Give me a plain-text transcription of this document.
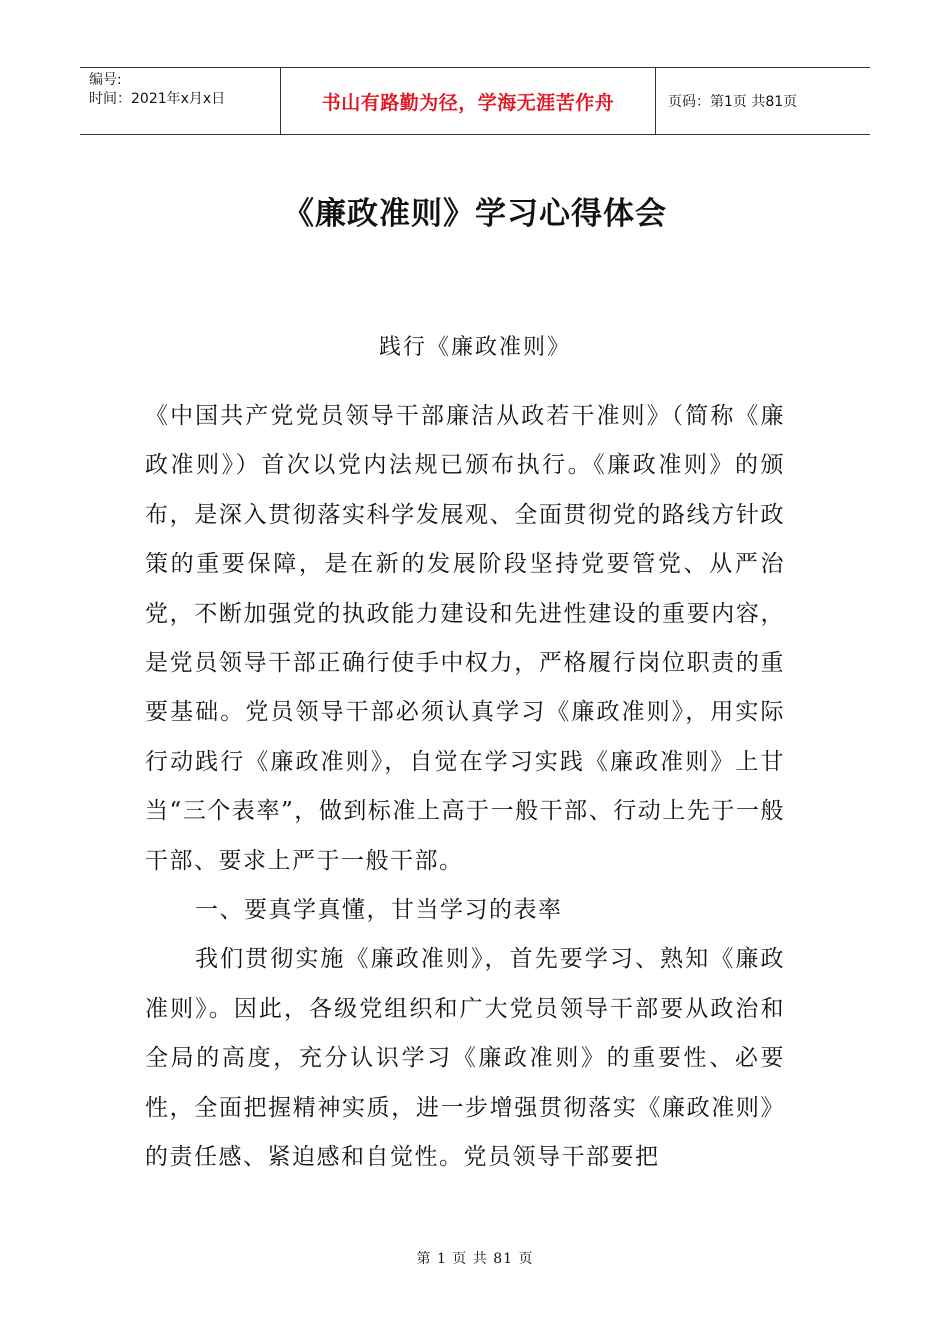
编号:
时间：2021年x月x日	书山有路勤为径，学海无涯苦作舟	页码：第1页 共81页
《廉政准则》学习心得体会
践行《廉政准则》

《中国共产党党员领导干部廉洁从政若干准则》（简称《廉政准则》）首次以党内法规已颁布执行。《廉政准则》的颁布，是深入贯彻落实科学发展观、全面贯彻党的路线方针政策的重要保障，是在新的发展阶段坚持党要管党、从严治党，不断加强党的执政能力建设和先进性建设的重要内容，是党员领导干部正确行使手中权力，严格履行岗位职责的重要基础。党员领导干部必须认真学习《廉政准则》，用实际行动践行《廉政准则》，自觉在学习实践《廉政准则》上甘当“三个表率”，做到标准上高于一般干部、行动上先于一般干部、要求上严于一般干部。

一、要真学真懂，甘当学习的表率

我们贯彻实施《廉政准则》，首先要学习、熟知《廉政准则》。因此，各级党组织和广大党员领导干部要从政治和全局的高度，充分认识学习《廉政准则》的重要性、必要性，全面把握精神实质，进一步增强贯彻落实《廉政准则》的责任感、紧迫感和自觉性。党员领导干部要把

第 1 页 共 81 页
